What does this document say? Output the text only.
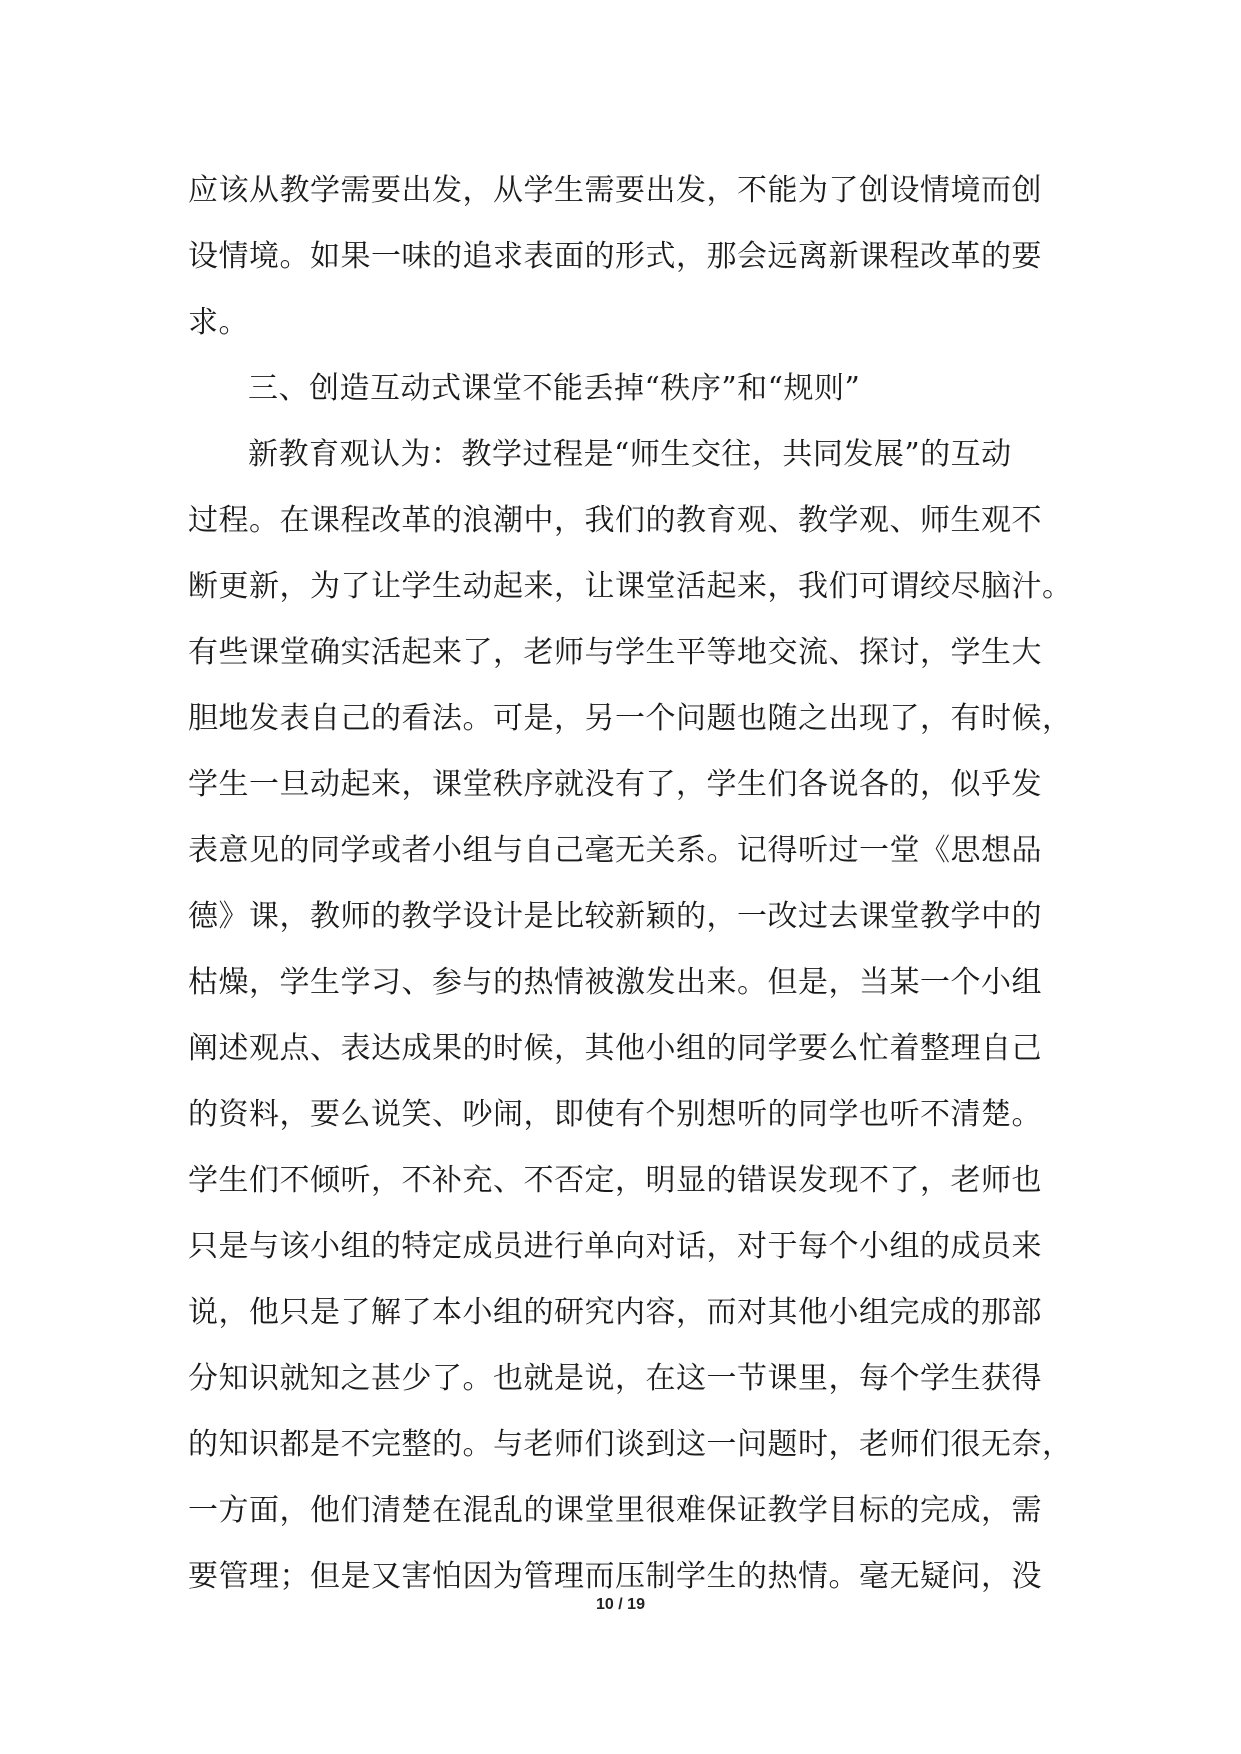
应该从教学需要出发，从学生需要出发，不能为了创设情境而创
设情境。如果一味的追求表面的形式，那会远离新课程改革的要
求。
三、创造互动式课堂不能丢掉“秩序”和“规则”
新教育观认为：教学过程是“师生交往，共同发展”的互动
过程。在课程改革的浪潮中，我们的教育观、教学观、师生观不
断更新，为了让学生动起来，让课堂活起来，我们可谓绞尽脑汁。
有些课堂确实活起来了，老师与学生平等地交流、探讨，学生大
胆地发表自己的看法。可是，另一个问题也随之出现了，有时候，
学生一旦动起来，课堂秩序就没有了，学生们各说各的，似乎发
表意见的同学或者小组与自己毫无关系。记得听过一堂《思想品
德》课，教师的教学设计是比较新颖的，一改过去课堂教学中的
枯燥，学生学习、参与的热情被激发出来。但是，当某一个小组
阐述观点、表达成果的时候，其他小组的同学要么忙着整理自己
的资料，要么说笑、吵闹，即使有个别想听的同学也听不清楚。
学生们不倾听，不补充、不否定，明显的错误发现不了，老师也
只是与该小组的特定成员进行单向对话，对于每个小组的成员来
说，他只是了解了本小组的研究内容，而对其他小组完成的那部
分知识就知之甚少了。也就是说，在这一节课里，每个学生获得
的知识都是不完整的。与老师们谈到这一问题时，老师们很无奈，
一方面，他们清楚在混乱的课堂里很难保证教学目标的完成，需
要管理；但是又害怕因为管理而压制学生的热情。毫无疑问，没
10 / 19
